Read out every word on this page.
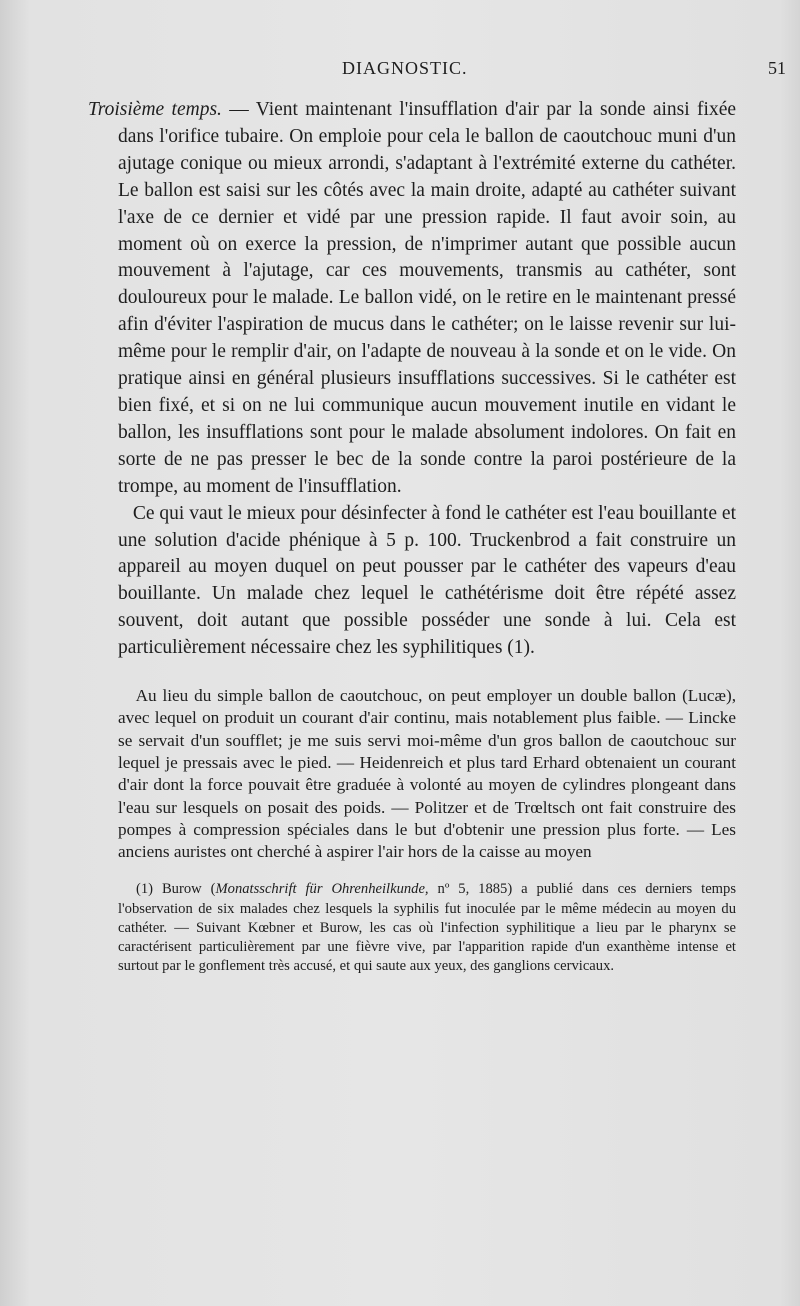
DIAGNOSTIC.	51

Troisième temps. — Vient maintenant l'insufflation d'air par la sonde ainsi fixée dans l'orifice tubaire. On emploie pour cela le ballon de caoutchouc muni d'un ajutage conique ou mieux arrondi, s'adaptant à l'extrémité externe du cathéter. Le ballon est saisi sur les côtés avec la main droite, adapté au cathéter suivant l'axe de ce dernier et vidé par une pression rapide. Il faut avoir soin, au moment où on exerce la pression, de n'imprimer autant que possible aucun mouvement à l'ajutage, car ces mouvements, transmis au cathéter, sont douloureux pour le malade. Le ballon vidé, on le retire en le maintenant pressé afin d'éviter l'aspiration de mucus dans le cathéter; on le laisse revenir sur lui-même pour le remplir d'air, on l'adapte de nouveau à la sonde et on le vide. On pratique ainsi en général plusieurs insufflations successives. Si le cathéter est bien fixé, et si on ne lui communique aucun mouvement inutile en vidant le ballon, les insufflations sont pour le malade absolument indolores. On fait en sorte de ne pas presser le bec de la sonde contre la paroi postérieure de la trompe, au moment de l'insufflation.

Ce qui vaut le mieux pour désinfecter à fond le cathéter est l'eau bouillante et une solution d'acide phénique à 5 p. 100. Truckenbrod a fait construire un appareil au moyen duquel on peut pousser par le cathéter des vapeurs d'eau bouillante. Un malade chez lequel le cathétérisme doit être répété assez souvent, doit autant que possible posséder une sonde à lui. Cela est particulièrement nécessaire chez les syphilitiques (1).

Au lieu du simple ballon de caoutchouc, on peut employer un double ballon (Lucæ), avec lequel on produit un courant d'air continu, mais notablement plus faible. — Lincke se servait d'un soufflet; je me suis servi moi-même d'un gros ballon de caoutchouc sur lequel je pressais avec le pied. — Heidenreich et plus tard Erhard obtenaient un courant d'air dont la force pouvait être graduée à volonté au moyen de cylindres plongeant dans l'eau sur lesquels on posait des poids. — Politzer et de Trœltsch ont fait construire des pompes à compression spéciales dans le but d'obtenir une pression plus forte. — Les anciens auristes ont cherché à aspirer l'air hors de la caisse au moyen

(1) Burow (Monatsschrift für Ohrenheilkunde, nº 5, 1885) a publié dans ces derniers temps l'observation de six malades chez lesquels la syphilis fut inoculée par le même médecin au moyen du cathéter. — Suivant Kœbner et Burow, les cas où l'infection syphilitique a lieu par le pharynx se caractérisent particulièrement par une fièvre vive, par l'apparition rapide d'un exanthème intense et surtout par le gonflement très accusé, et qui saute aux yeux, des ganglions cervicaux.
